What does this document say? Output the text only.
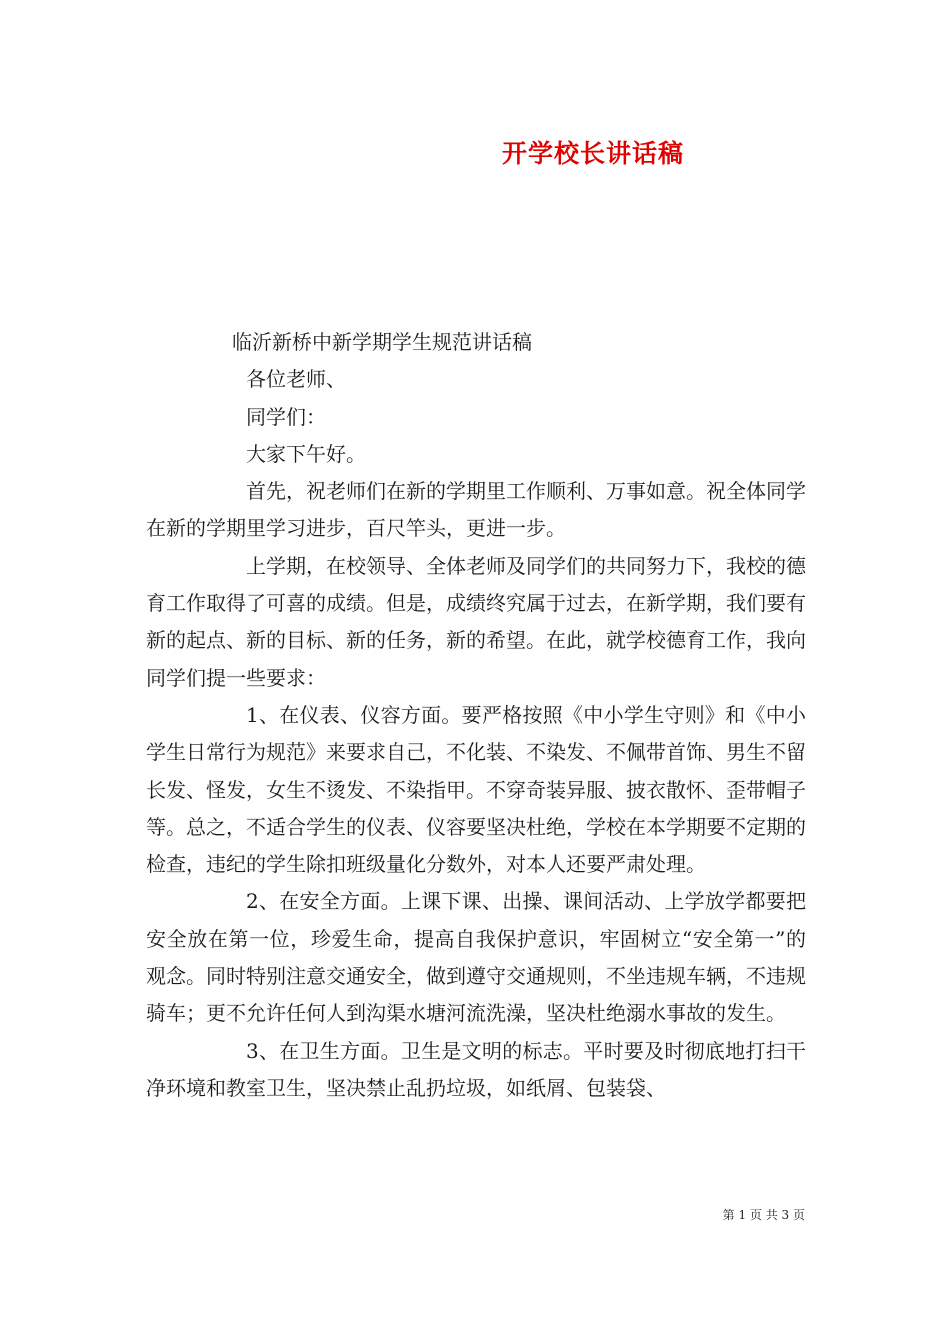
开学校长讲话稿

临沂新桥中新学期学生规范讲话稿

各位老师、

同学们：

大家下午好。

首先，祝老师们在新的学期里工作顺利、万事如意。祝全体同学在新的学期里学习进步，百尺竿头，更进一步。

上学期，在校领导、全体老师及同学们的共同努力下，我校的德育工作取得了可喜的成绩。但是，成绩终究属于过去，在新学期，我们要有新的起点、新的目标、新的任务，新的希望。在此，就学校德育工作，我向同学们提一些要求：

1、在仪表、仪容方面。要严格按照《中小学生守则》和《中小学生日常行为规范》来要求自己，不化装、不染发、不佩带首饰、男生不留长发、怪发，女生不烫发、不染指甲。不穿奇装异服、披衣散怀、歪带帽子等。总之，不适合学生的仪表、仪容要坚决杜绝，学校在本学期要不定期的检查，违纪的学生除扣班级量化分数外，对本人还要严肃处理。

2、在安全方面。上课下课、出操、课间活动、上学放学都要把安全放在第一位，珍爱生命，提高自我保护意识，牢固树立“安全第一”的观念。同时特别注意交通安全，做到遵守交通规则，不坐违规车辆，不违规骑车；更不允许任何人到沟渠水塘河流洗澡，坚决杜绝溺水事故的发生。

3、在卫生方面。卫生是文明的标志。平时要及时彻底地打扫干净环境和教室卫生，坚决禁止乱扔垃圾，如纸屑、包装袋、

第 1 页 共 3 页
